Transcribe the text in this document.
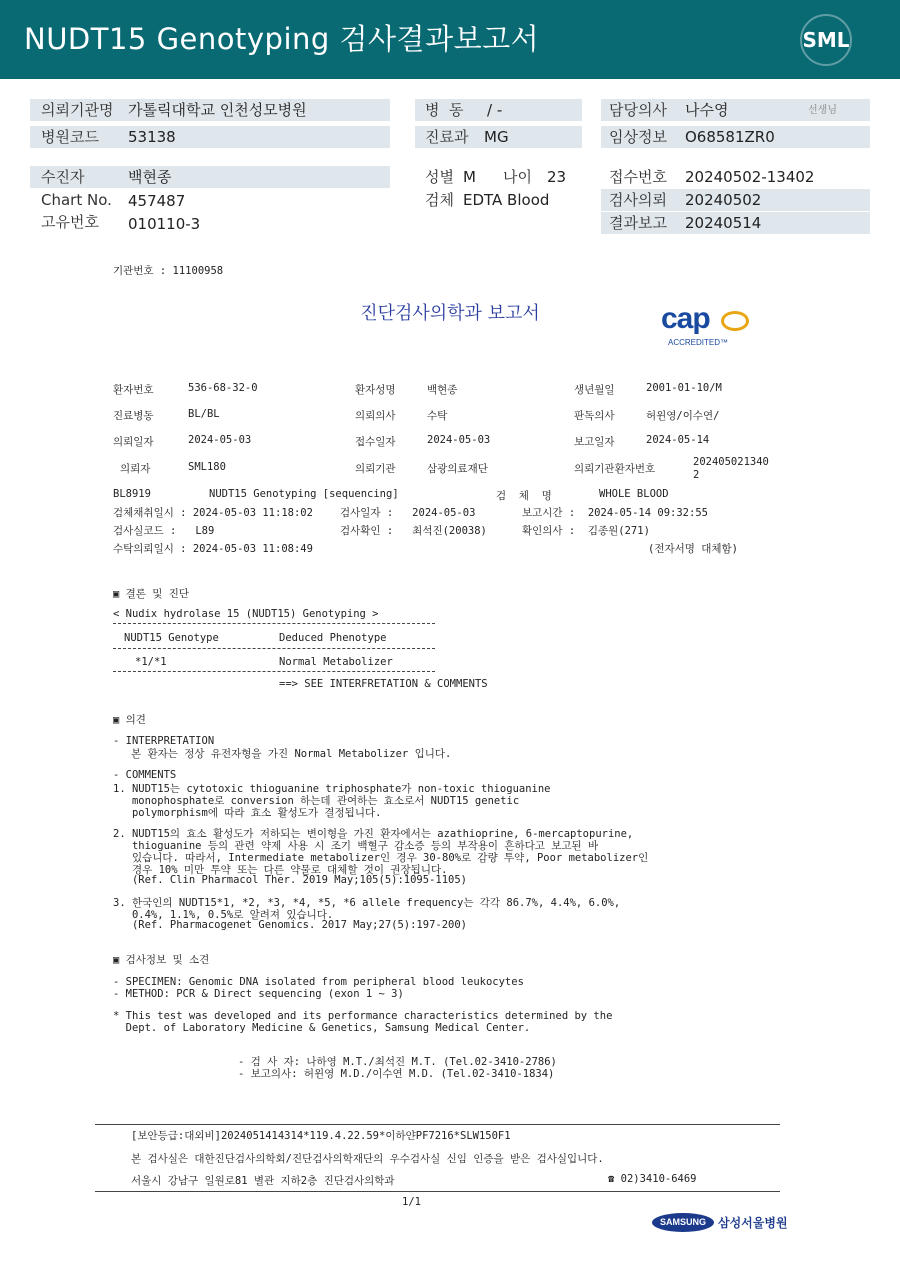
NUDT15 Genotyping 검사결과보고서	SML
의뢰기관명 가톨릭대학교 인천성모병원
병원코드 53138
병  동 / -
진료과 MG
담당의사 나수영	선생님
임상정보 O68581ZR0
수진자	백현종
Chart No. 457487
고유번호 010110-3
성별 M 나이 23
검체 EDTA Blood
접수번호 20240502-13402
검사의뢰 20240502
결과보고 20240514
기관번호 : 11100958
진단검사의학과 보고서	cap
ACCREDITED™
환자번호	536-68-32-0	환자성명	백현종	생년월일	2001-01-10/M
진료병동	BL/BL	의뢰의사	수탁	판독의사	허윈영/이수연/
의뢰일자	2024-05-03	접수일자	2024-05-03	보고일자	2024-05-14
의뢰자	SML180	의뢰기관	삼광의료재단	의뢰기관환자번호
202405021340
2
BL8919	NUDT15 Genotyping [sequencing]	검  체  명	WHOLE BLOOD
검체채취일시 : 2024-05-03 11:18:02	검사일자 :   2024-05-03	보고시간 :  2024-05-14 09:32:55
검사실코드 :   L89	검사확인 :   최석진(20038)	확인의사 :  김종원(271)
수탁의뢰일시 : 2024-05-03 11:08:49	(전자서명 대체함)
▣ 결론 및 진단
< Nudix hydrolase 15 (NUDT15) Genotyping >
NUDT15 Genotype	Deduced Phenotype
*1/*1	Normal Metabolizer
==> SEE INTERFRETATION & COMMENTS
▣ 의견
- INTERPRETATION
본 환자는 정상 유전자형을 가진 Normal Metabolizer 입니다.
- COMMENTS
1. NUDT15는 cytotoxic thioguanine triphosphate가 non-toxic thioguanine
monophosphate로 conversion 하는데 관여하는 효소로서 NUDT15 genetic
polymorphism에 따라 효소 활성도가 결정됩니다.
2. NUDT15의 효소 활성도가 저하되는 변이형을 가진 환자에서는 azathioprine, 6-mercaptopurine,
thioguanine 등의 관련 약제 사용 시 조기 백혈구 감소증 등의 부작용이 흔하다고 보고된 바
있습니다. 따라서, Intermediate metabolizer인 경우 30-80%로 감량 투약, Poor metabolizer인
경우 10% 미만 투약 또는 다른 약물로 대체할 것이 권장됩니다.
(Ref. Clin Pharmacol Ther. 2019 May;105(5):1095-1105)
3. 한국인의 NUDT15*1, *2, *3, *4, *5, *6 allele frequency는 각각 86.7%, 4.4%, 6.0%,
0.4%, 1.1%, 0.5%로 알려져 있습니다.
(Ref. Pharmacogenet Genomics. 2017 May;27(5):197-200)
▣ 검사정보 및 소견
- SPECIMEN: Genomic DNA isolated from peripheral blood leukocytes
- METHOD: PCR & Direct sequencing (exon 1 ~ 3)
* This test was developed and its performance characteristics determined by the
Dept. of Laboratory Medicine & Genetics, Samsung Medical Center.
- 검 사 자: 나하영 M.T./최석진 M.T. (Tel.02-3410-2786)
- 보고의사: 허윈영 M.D./이수연 M.D. (Tel.02-3410-1834)
[보안등급:대외비]2024051414314*119.4.22.59*이하얀PF7216*SLW150F1
본 검사실은 대한진단검사의학회/진단검사의학재단의 우수검사실 신임 인증을 받은 검사실입니다.
서울시 강남구 일원로81 별관 지하2층 진단검사의학과	☎ 02)3410-6469
1/1
SAMSUNG 삼성서울병원
